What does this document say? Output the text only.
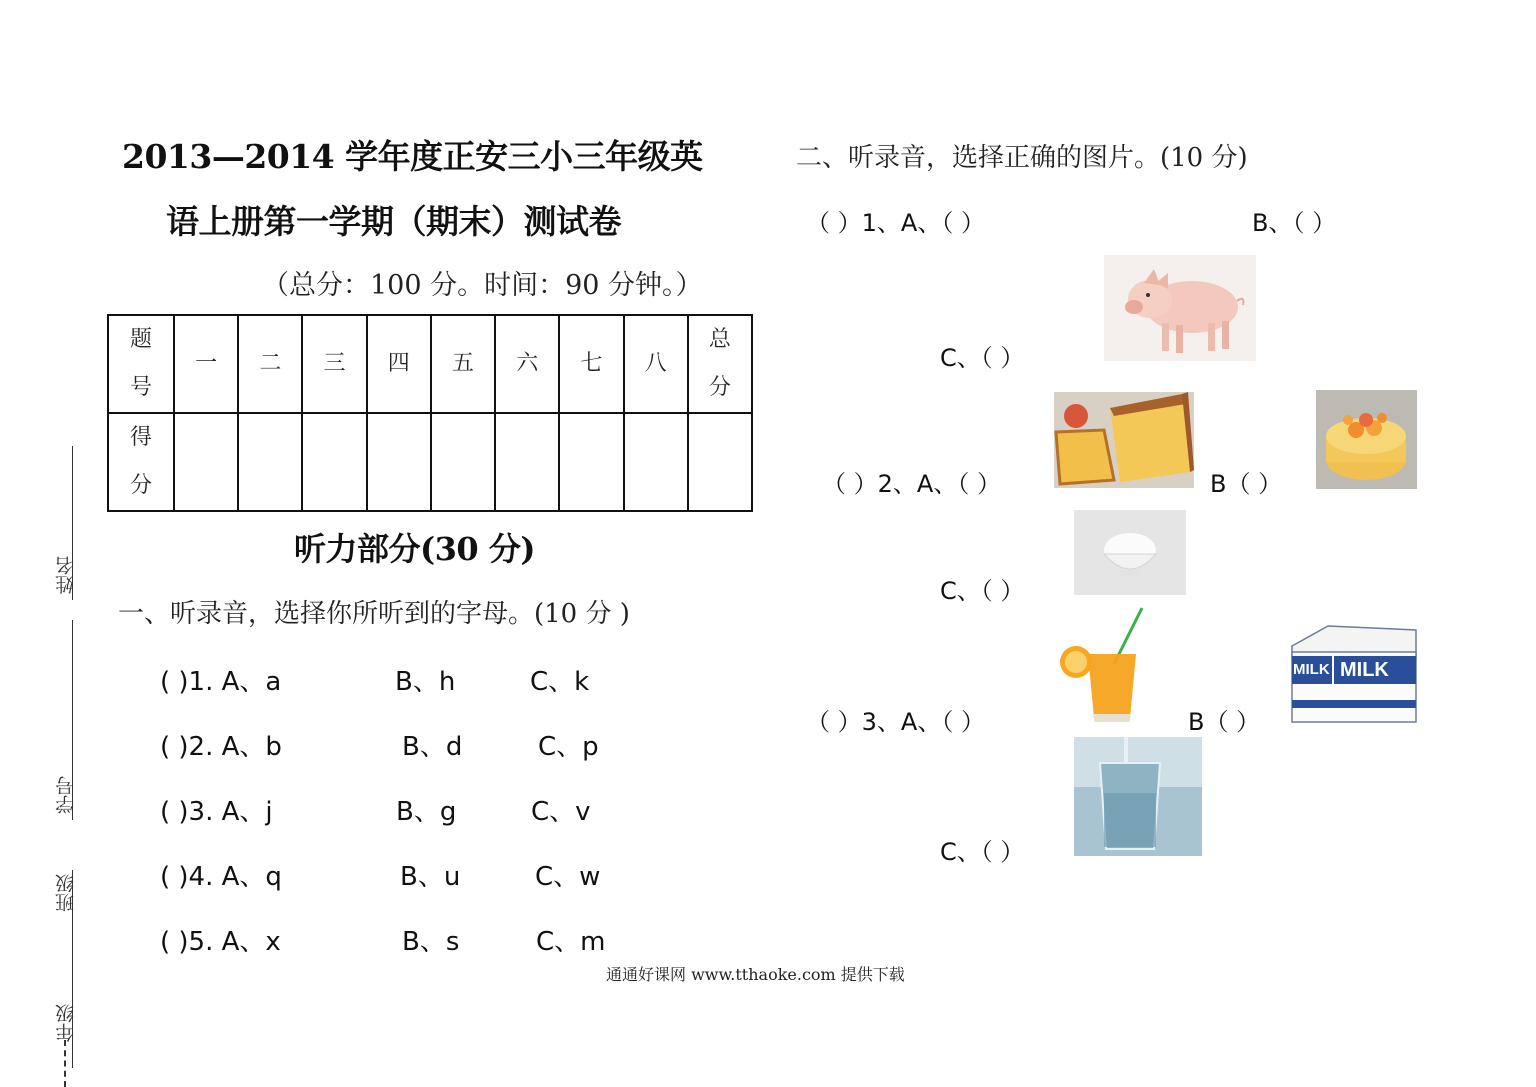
姓名
学号
班级
年级
2013—2014 学年度正安三小三年级英
语上册第一学期（期末）测试卷
（总分：100 分。时间：90 分钟。）
题号	一	二	三	四	五	六	七	八	总分
得分									
听力部分(30 分)
一、听录音，选择你所听到的字母。(10 分 )
( )1. A、a	B、h	C、k
( )2. A、b	B、d	C、p
( )3. A、j	B、g	C、v
( )4. A、q	B、u	C、w
( )5. A、x	B、s	C、m
二、听录音，选择正确的图片。(10 分)
（ ）1、A、（ ）	B、（ ）
C、（ ）
（ ）2、A、（ ）	B（ ）
C、（ ）
（ ）3、A、（ ）	B（ ）
MILK MILK
C、（ ）
通通好课网 www.tthaoke.com 提供下载
